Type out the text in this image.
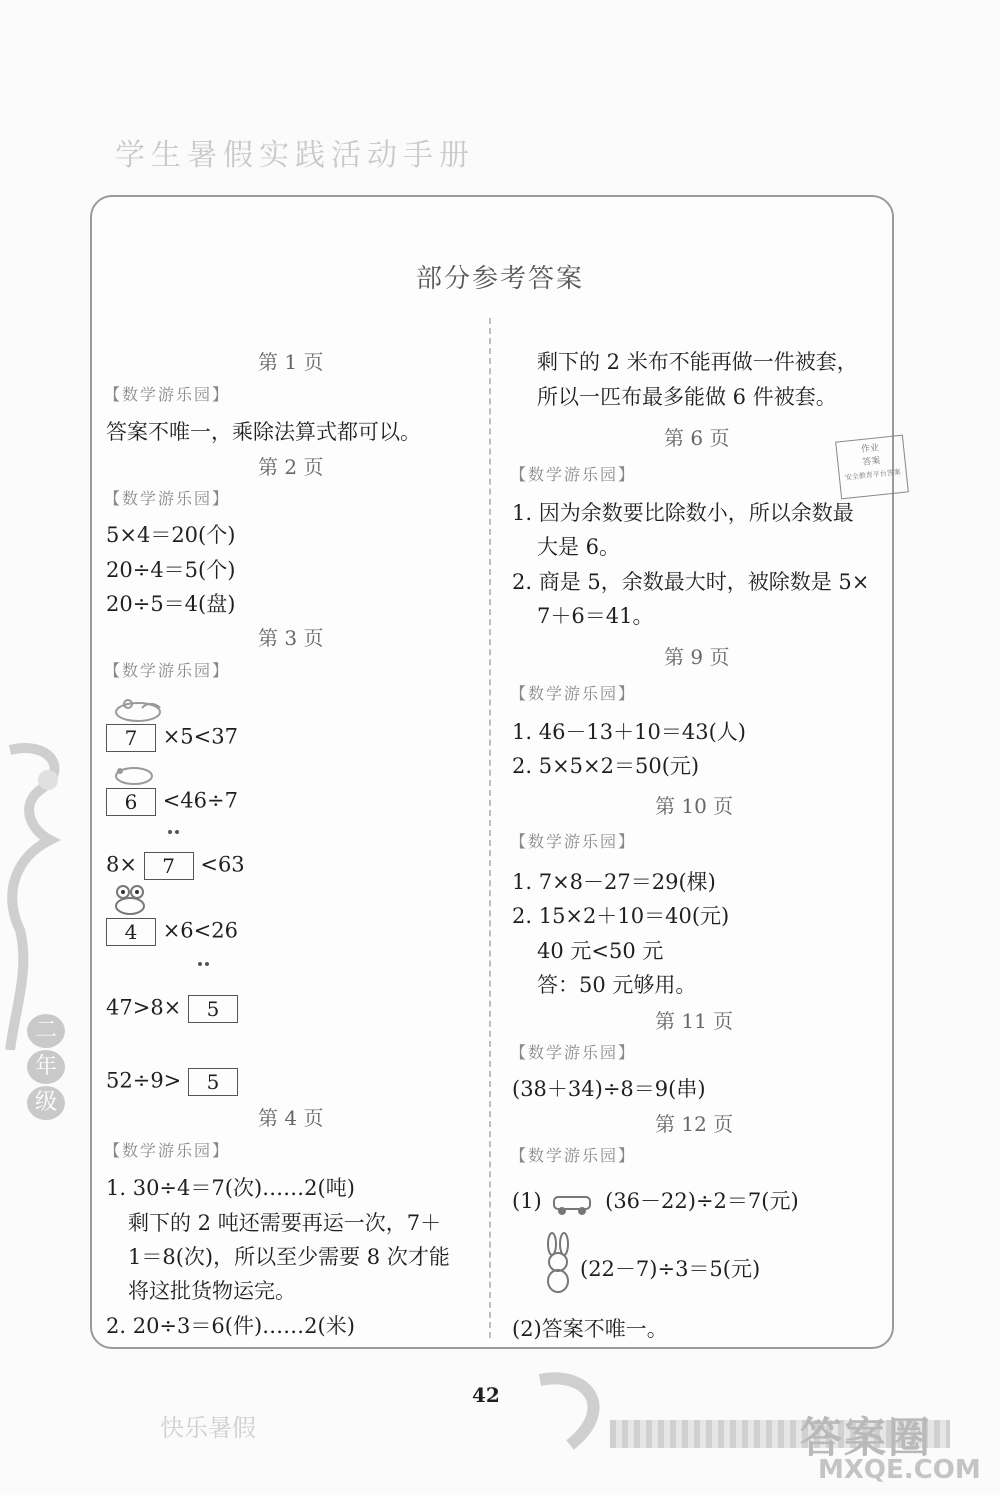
学生暑假实践活动手册
部分参考答案
作业
答案
安全教育平台答案
第 1 页
【数学游乐园】
答案不唯一，乘除法算式都可以。
第 2 页
【数学游乐园】
5×4＝20(个)
20÷4＝5(个)
20÷5＝4(盘)
第 3 页
【数学游乐园】
7 ×5<37
6 <46÷7
8× 7 <63
4 ×6<26
47>8× 5
52÷9> 5
第 4 页
【数学游乐园】
1. 30÷4＝7(次)……2(吨)
剩下的 2 吨还需要再运一次，7＋
1＝8(次)，所以至少需要 8 次才能
将这批货物运完。
2. 20÷3＝6(件)……2(米)
剩下的 2 米布不能再做一件被套，
所以一匹布最多能做 6 件被套。
第 6 页
【数学游乐园】
1. 因为余数要比除数小，所以余数最
大是 6。
2. 商是 5，余数最大时，被除数是 5×
7＋6＝41。
第 9 页
【数学游乐园】
1. 46－13＋10＝43(人)
2. 5×5×2＝50(元)
第 10 页
【数学游乐园】
1. 7×8－27＝29(棵)
2. 15×2＋10＝40(元)
40 元<50 元
答：50 元够用。
第 11 页
【数学游乐园】
(38＋34)÷8＝9(串)
第 12 页
【数学游乐园】
(1)	(36－22)÷2＝7(元)
(22－7)÷3＝5(元)
(2)答案不唯一。
二
年
级
快乐暑假
42
答案圈
MXQE.COM
